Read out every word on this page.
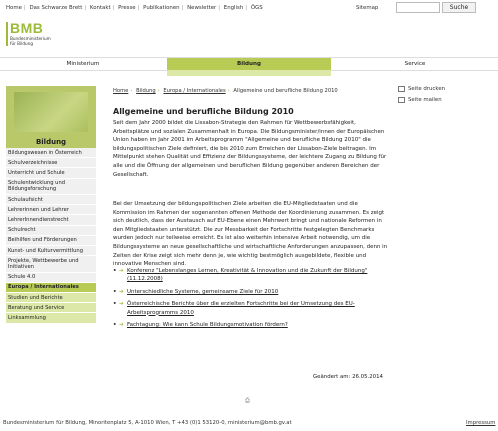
Home | Das Schwarze Brett | Kontakt | Presse | Publikationen | Newsletter | English | ÖGS	Sitemap	Suche
BMB
Bundesministerium
für Bildung
Ministerium	Bildung	Service
Bildung
Bildungswesen in Österreich
Schulverzeichnisse
Unterricht und Schule
Schulentwicklung und Bildungsforschung
Schulaufsicht
Lehrerinnen und Lehrer
LehrerInnendienstrecht
Schulrecht
Beihilfen und Förderungen
Kunst- und Kulturvermittlung
Projekte, Wettbewerbe und Initiativen
Schule 4.0
Europa / Internationales
Studien und Berichte
Beratung und Service
Linksammlung
Home › Bildung › Europa / Internationales › Allgemeine und berufliche Bildung 2010	Seite drucken
Seite mailen
Allgemeine und berufliche Bildung 2010
Seit dem Jahr 2000 bildet die Lissabon-Strategie den Rahmen für Wettbewerbsfähigkeit, Arbeitsplätze und sozialen Zusammenhalt in Europa. Die Bildungsminister/innen der Europäischen Union haben im Jahr 2001 im Arbeitsprogramm "Allgemeine und berufliche Bildung 2010" die bildungspolitischen Ziele definiert, die bis 2010 zum Erreichen der Lissabon-Ziele beitragen. Im Mittelpunkt stehen Qualität und Effizienz der Bildungssysteme, der leichtere Zugang zu Bildung für alle und die Öffnung der allgemeinen und beruflichen Bildung gegenüber anderen Bereichen der Gesellschaft.
Bei der Umsetzung der bildungspolitischen Ziele arbeiten die EU-Mitgliedstaaten und die Kommission im Rahmen der sogenannten offenen Methode der Koordinierung zusammen. Es zeigt sich deutlich, dass der Austausch auf EU-Ebene einen Mehrwert bringt und nationale Reformen in den Mitgliedstaaten unterstützt. Die zur Messbarkeit der Fortschritte festgelegten Benchmarks wurden jedoch nur teilweise erreicht. Es ist also weiterhin intensive Arbeit notwendig, um die Bildungssysteme an neue gesellschaftliche und wirtschaftliche Anforderungen anzupassen, denn in Zeiten der Krise zeigt sich mehr denn je, wie wichtig bestmöglich ausgebildete, flexible und innovative Menschen sind.
• ➔ Konferenz "Lebenslanges Lernen, Kreativität & Innovation und die Zukunft der Bildung" (11.12.2008)
• ➔ Unterschiedliche Systeme, gemeinsame Ziele für 2010
• ➔ Österreichische Berichte über die erzielten Fortschritte bei der Umsetzung des EU-Arbeitsprogramms 2010
• ➔ Fachtagung: Wie kann Schule Bildungsmotivation fördern?
Geändert am: 26.05.2014
⎙
Bundesministerium für Bildung, Minoritenplatz 5, A-1010 Wien, T +43 (0)1 53120-0, ministerium@bmb.gv.at	Impressum
